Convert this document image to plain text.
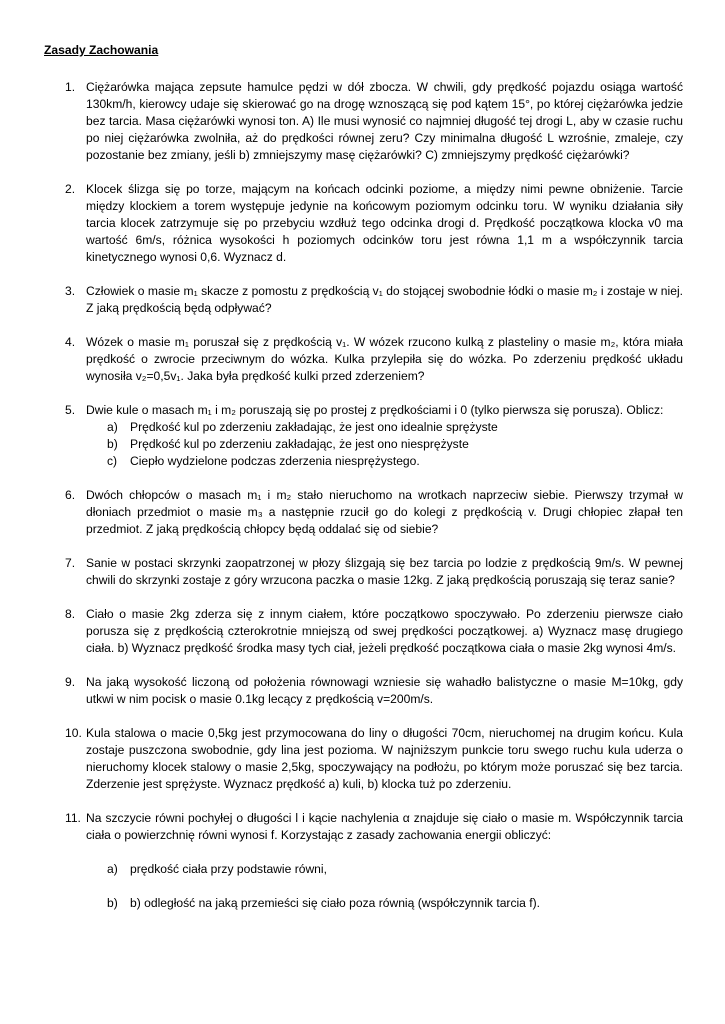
Zasady Zachowania
1. Ciężarówka mająca zepsute hamulce pędzi w dół zbocza. W chwili, gdy prędkość pojazdu osiąga wartość 130km/h, kierowcy udaje się skierować go na drogę wznoszącą się pod kątem 15°, po której ciężarówka jedzie bez tarcia. Masa ciężarówki wynosi ton. A) Ile musi wynosić co najmniej długość tej drogi L, aby w czasie ruchu po niej ciężarówka zwolniła, aż do prędkości równej zeru? Czy minimalna długość L wzrośnie, zmaleje, czy pozostanie bez zmiany, jeśli b) zmniejszymy masę ciężarówki? C) zmniejszymy prędkość ciężarówki?
2. Klocek ślizga się po torze, mającym na końcach odcinki poziome, a między nimi pewne obniżenie. Tarcie między klockiem a torem występuje jedynie na końcowym poziomym odcinku toru. W wyniku działania siły tarcia klocek zatrzymuje się po przebyciu wzdłuż tego odcinka drogi d. Prędkość początkowa klocka v0 ma wartość 6m/s, różnica wysokości h poziomych odcinków toru jest równa 1,1 m a współczynnik tarcia kinetycznego wynosi 0,6. Wyznacz d.
3. Człowiek o masie m₁ skacze z pomostu z prędkością v₁ do stojącej swobodnie łódki o masie m₂ i zostaje w niej. Z jaką prędkością będą odpływać?
4. Wózek o masie m₁ poruszał się z prędkością v₁. W wózek rzucono kulką z plasteliny o masie m₂, która miała prędkość o zwrocie przeciwnym do wózka. Kulka przylepiła się do wózka. Po zderzeniu prędkość układu wynosiła v₂=0,5v₁. Jaka była prędkość kulki przed zderzeniem?
5. Dwie kule o masach m₁ i m₂ poruszają się po prostej z prędkościami i 0 (tylko pierwsza się porusza). Oblicz:
a) Prędkość kul po zderzeniu zakładając, że jest ono idealnie sprężyste
b) Prędkość kul po zderzeniu zakładając, że jest ono niesprężyste
c) Ciepło wydzielone podczas zderzenia niesprężystego.
6. Dwóch chłopców o masach m₁ i m₂ stało nieruchomo na wrotkach naprzeciw siebie. Pierwszy trzymał w dłoniach przedmiot o masie m₃ a następnie rzucił go do kolegi z prędkością v. Drugi chłopiec złapał ten przedmiot. Z jaką prędkością chłopcy będą oddalać się od siebie?
7. Sanie w postaci skrzynki zaopatrzonej w płozy ślizgają się bez tarcia po lodzie z prędkością 9m/s. W pewnej chwili do skrzynki zostaje z góry wrzucona paczka o masie 12kg. Z jaką prędkością poruszają się teraz sanie?
8. Ciało o masie 2kg zderza się z innym ciałem, które początkowo spoczywało. Po zderzeniu pierwsze ciało porusza się z prędkością czterokrotnie mniejszą od swej prędkości początkowej. a) Wyznacz masę drugiego ciała. b) Wyznacz prędkość środka masy tych ciał, jeżeli prędkość początkowa ciała o masie 2kg wynosi 4m/s.
9. Na jaką wysokość liczoną od położenia równowagi wzniesie się wahadło balistyczne o masie M=10kg, gdy utkwi w nim pocisk o masie 0.1kg lecący z prędkością v=200m/s.
10. Kula stalowa o macie 0,5kg jest przymocowana do liny o długości 70cm, nieruchomej na drugim końcu. Kula zostaje puszczona swobodnie, gdy lina jest pozioma. W najniższym punkcie toru swego ruchu kula uderza o nieruchomy klocek stalowy o masie 2,5kg, spoczywający na podłożu, po którym może poruszać się bez tarcia. Zderzenie jest sprężyste. Wyznacz prędkość a) kuli, b) klocka tuż po zderzeniu.
11. Na szczycie równi pochyłej o długości l i kącie nachylenia α znajduje się ciało o masie m. Współczynnik tarcia ciała o powierzchnię równi wynosi f. Korzystając z zasady zachowania energii obliczyć:
a) prędkość ciała przy podstawie równi,
b) b) odległość na jaką przemieści się ciało poza równią (współczynnik tarcia f).
